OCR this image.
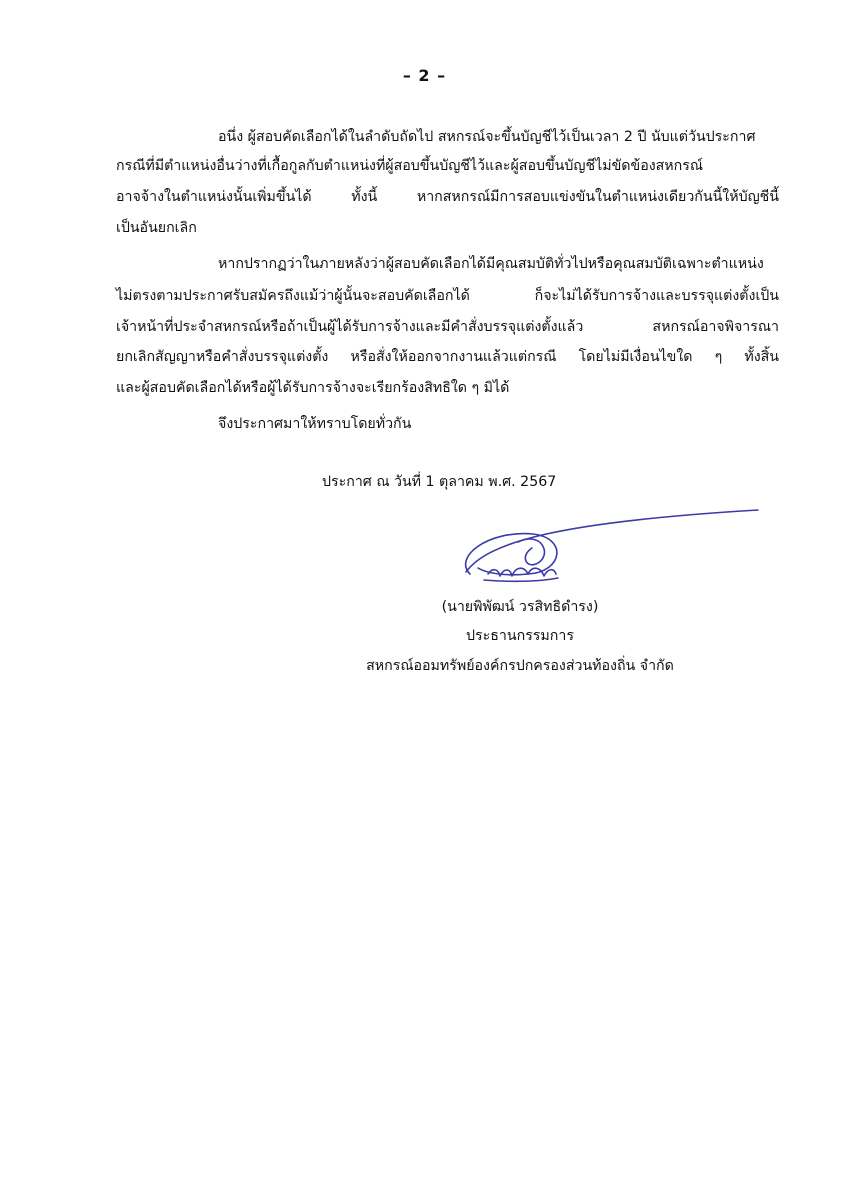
– 2 –
อนึ่ง ผู้สอบคัดเลือกได้ในลำดับถัดไป สหกรณ์จะขึ้นบัญชีไว้เป็นเวลา 2 ปี นับแต่วันประกาศ
กรณีที่มีตำแหน่งอื่นว่างที่เกื้อกูลกับตำแหน่งที่ผู้สอบขึ้นบัญชีไว้และผู้สอบขึ้นบัญชีไม่ขัดข้องสหกรณ์
อาจจ้างในตำแหน่งนั้นเพิ่มขึ้นได้ ทั้งนี้ หากสหกรณ์มีการสอบแข่งขันในตำแหน่งเดียวกันนี้ให้บัญชีนี้
เป็นอันยกเลิก
หากปรากฏว่าในภายหลังว่าผู้สอบคัดเลือกได้มีคุณสมบัติทั่วไปหรือคุณสมบัติเฉพาะตำแหน่ง
ไม่ตรงตามประกาศรับสมัครถึงแม้ว่าผู้นั้นจะสอบคัดเลือกได้ ก็จะไม่ได้รับการจ้างและบรรจุแต่งตั้งเป็น
เจ้าหน้าที่ประจำสหกรณ์หรือถ้าเป็นผู้ได้รับการจ้างและมีคำสั่งบรรจุแต่งตั้งแล้ว สหกรณ์อาจพิจารณา
ยกเลิกสัญญาหรือคำสั่งบรรจุแต่งตั้ง หรือสั่งให้ออกจากงานแล้วแต่กรณี โดยไม่มีเงื่อนไขใด ๆ ทั้งสิ้น
และผู้สอบคัดเลือกได้หรือผู้ได้รับการจ้างจะเรียกร้องสิทธิใด ๆ มิได้
จึงประกาศมาให้ทราบโดยทั่วกัน
ประกาศ ณ วันที่ 1 ตุลาคม พ.ศ. 2567
(นายพิพัฒน์ วรสิทธิดำรง)
ประธานกรรมการ
สหกรณ์ออมทรัพย์องค์กรปกครองส่วนท้องถิ่น จำกัด
